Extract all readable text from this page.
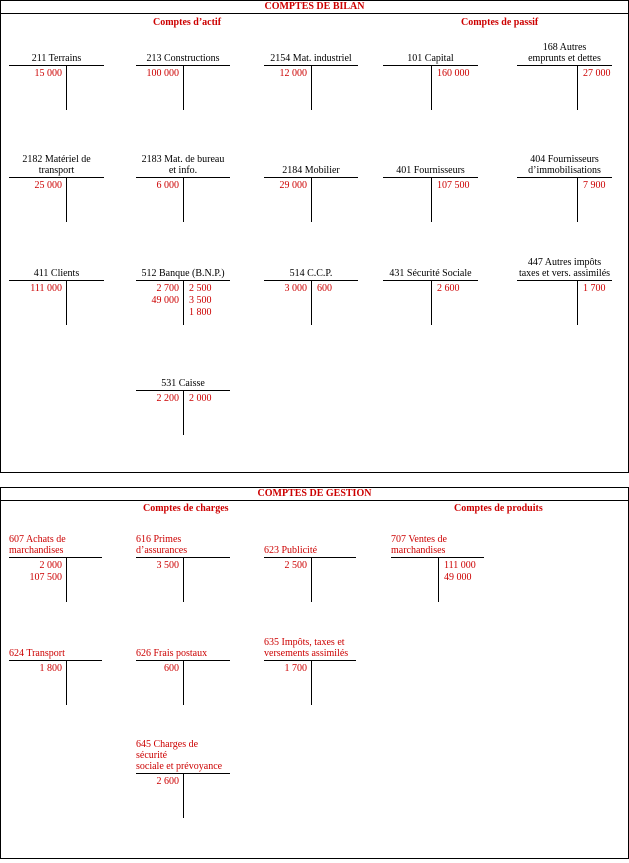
COMPTES DE BILAN
Comptes d’actif	Comptes de passif
COMPTES DE GESTION
Comptes de charges	Comptes de produits
211 Terrains
15 000
213 Constructions
100 000
2154 Mat. industriel
12 000
101 Capital
160 000
168 Autres
emprunts et dettes
27 000
2182 Matériel de
transport
25 000
2183 Mat. de bureau
et info.
6 000
2184 Mobilier
29 000
401 Fournisseurs
107 500
404 Fournisseurs
d’immobilisations
7 900
411 Clients
111 000
512 Banque (B.N.P.)
2 700
49 000
2 500
3 500
1 800
514 C.C.P.
3 000 600
431 Sécurité Sociale
2 600
447 Autres impôts
taxes et vers. assimilés
1 700
531 Caisse
2 200 2 000
607 Achats de
marchandises
2 000
107 500
616 Primes
d’assurances
3 500
623 Publicité
2 500
707 Ventes de
marchandises
111 000
49 000
624 Transport
1 800
626 Frais postaux
600
635 Impôts, taxes et
versements assimilés
1 700
645 Charges de sécurité
sociale et prévoyance
2 600
